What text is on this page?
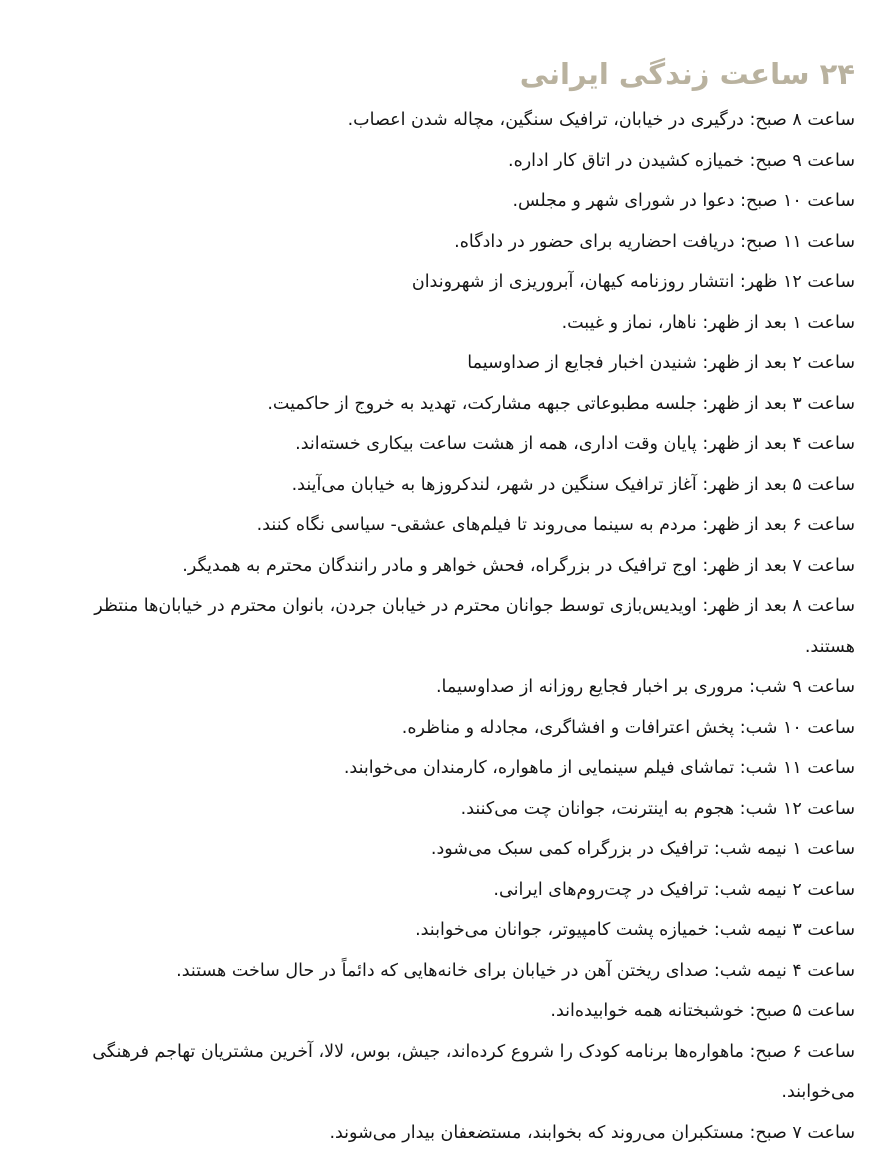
۲۴ ساعت زندگی ایرانی

ساعت ۸ صبح: درگیری در خیابان، ترافیک سنگین، مچاله شدن اعصاب.

ساعت ۹ صبح: خمیازه کشیدن در اتاق کار اداره.

ساعت ۱۰ صبح: دعوا در شورای شهر و مجلس.

ساعت ۱۱ صبح: دریافت احضاریه برای حضور در دادگاه.

ساعت ۱۲ ظهر: انتشار روزنامه کیهان، آبروریزی از شهروندان

ساعت ۱ بعد از ظهر: ناهار، نماز و غیبت.

ساعت ۲ بعد از ظهر: شنیدن اخبار فجایع از صداوسیما

ساعت ۳ بعد از ظهر: جلسه مطبوعاتی جبهه مشارکت، تهدید به خروج از حاکمیت.

ساعت ۴ بعد از ظهر: پایان وقت اداری، همه از هشت ساعت بیکاری خسته‌اند.

ساعت ۵ بعد از ظهر: آغاز ترافیک سنگین در شهر، لندکروزها به خیابان می‌آیند.

ساعت ۶ بعد از ظهر: مردم به سینما می‌روند تا فیلم‌های عشقی- سیاسی نگاه کنند.

ساعت ۷ بعد از ظهر: اوج ترافیک در بزرگراه، فحش خواهر و مادر رانندگان محترم به همدیگر.

ساعت ۸ بعد از ظهر: اویدیس‌بازی توسط جوانان محترم در خیابان جردن، بانوان محترم در خیابان‌ها منتظر هستند.

ساعت ۹ شب: مروری بر اخبار فجایع روزانه از صداوسیما.

ساعت ۱۰ شب: پخش اعترافات و افشاگری، مجادله و مناظره.

ساعت ۱۱ شب: تماشای فیلم سینمایی از ماهواره، کارمندان می‌خوابند.

ساعت ۱۲ شب: هجوم به اینترنت، جوانان چت می‌کنند.

ساعت ۱ نیمه شب: ترافیک در بزرگراه کمی سبک می‌شود.

ساعت ۲ نیمه شب: ترافیک در چت‌روم‌های ایرانی.

ساعت ۳ نیمه شب: خمیازه پشت کامپیوتر، جوانان می‌خوابند.

ساعت ۴ نیمه شب: صدای ریختن آهن در خیابان برای خانه‌هایی که دائماً در حال ساخت هستند.

ساعت ۵ صبح: خوشبختانه همه خوابیده‌اند.

ساعت ۶ صبح: ماهواره‌ها برنامه کودک را شروع کرده‌اند، جیش، بوس، لالا، آخرین مشتریان تهاجم فرهنگی می‌خوابند.

ساعت ۷ صبح: مستکبران می‌روند که بخوابند، مستضعفان بیدار می‌شوند.
